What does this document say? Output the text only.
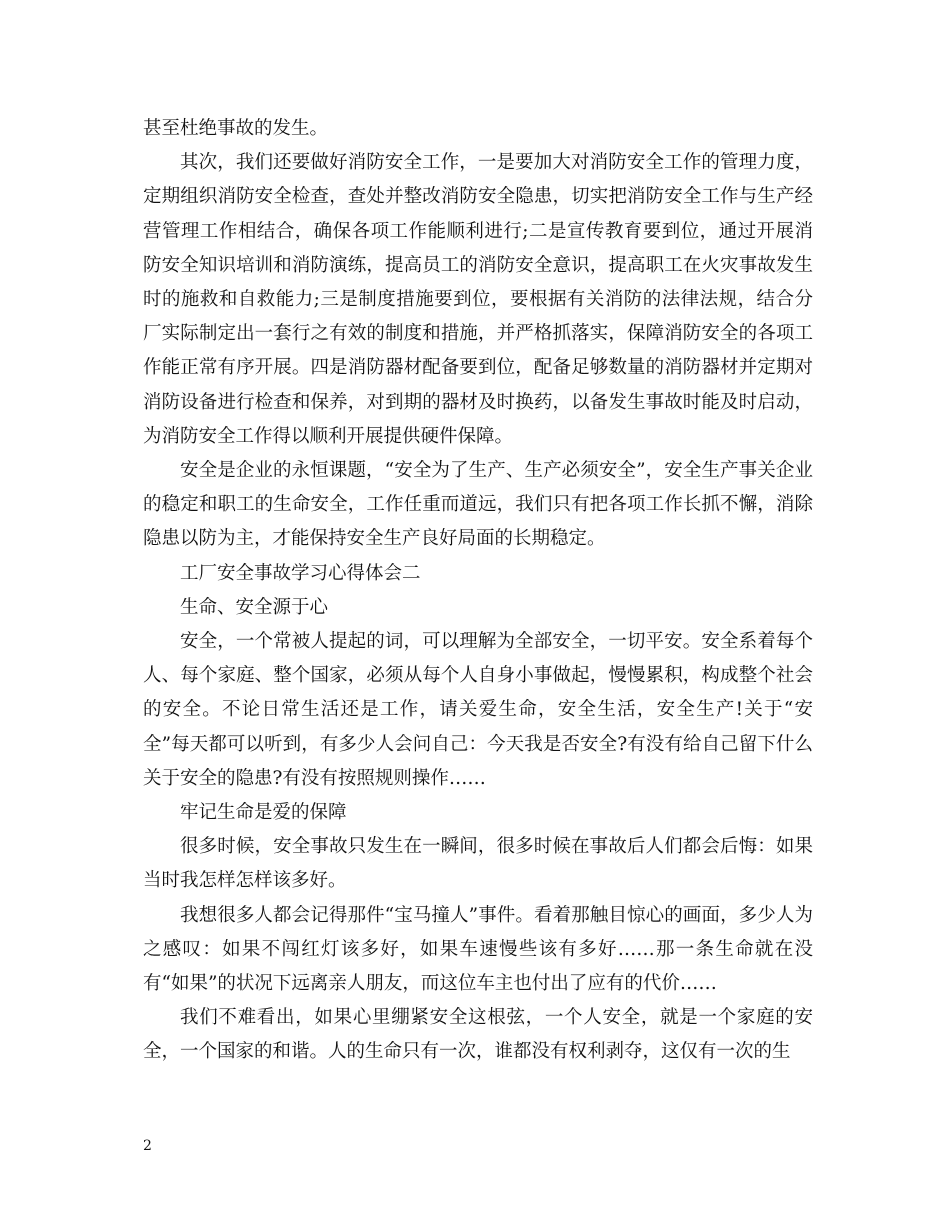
甚至杜绝事故的发生。

其次，我们还要做好消防安全工作，一是要加大对消防安全工作的管理力度，定期组织消防安全检查，查处并整改消防安全隐患，切实把消防安全工作与生产经营管理工作相结合，确保各项工作能顺利进行;二是宣传教育要到位，通过开展消防安全知识培训和消防演练，提高员工的消防安全意识，提高职工在火灾事故发生时的施救和自救能力;三是制度措施要到位，要根据有关消防的法律法规，结合分厂实际制定出一套行之有效的制度和措施，并严格抓落实，保障消防安全的各项工作能正常有序开展。四是消防器材配备要到位，配备足够数量的消防器材并定期对消防设备进行检查和保养，对到期的器材及时换药，以备发生事故时能及时启动，为消防安全工作得以顺利开展提供硬件保障。

安全是企业的永恒课题，“安全为了生产、生产必须安全”，安全生产事关企业的稳定和职工的生命安全，工作任重而道远，我们只有把各项工作长抓不懈，消除隐患以防为主，才能保持安全生产良好局面的长期稳定。

工厂安全事故学习心得体会二

生命、安全源于心

安全，一个常被人提起的词，可以理解为全部安全，一切平安。安全系着每个人、每个家庭、整个国家，必须从每个人自身小事做起，慢慢累积，构成整个社会的安全。不论日常生活还是工作，请关爱生命，安全生活，安全生产!关于“安全”每天都可以听到，有多少人会问自己：今天我是否安全?有没有给自己留下什么关于安全的隐患?有没有按照规则操作……

牢记生命是爱的保障

很多时候，安全事故只发生在一瞬间，很多时候在事故后人们都会后悔：如果当时我怎样怎样该多好。

我想很多人都会记得那件“宝马撞人”事件。看着那触目惊心的画面，多少人为之感叹：如果不闯红灯该多好，如果车速慢些该有多好……那一条生命就在没有“如果”的状况下远离亲人朋友，而这位车主也付出了应有的代价……

我们不难看出，如果心里绷紧安全这根弦，一个人安全，就是一个家庭的安全，一个国家的和谐。人的生命只有一次，谁都没有权利剥夺，这仅有一次的生

2
